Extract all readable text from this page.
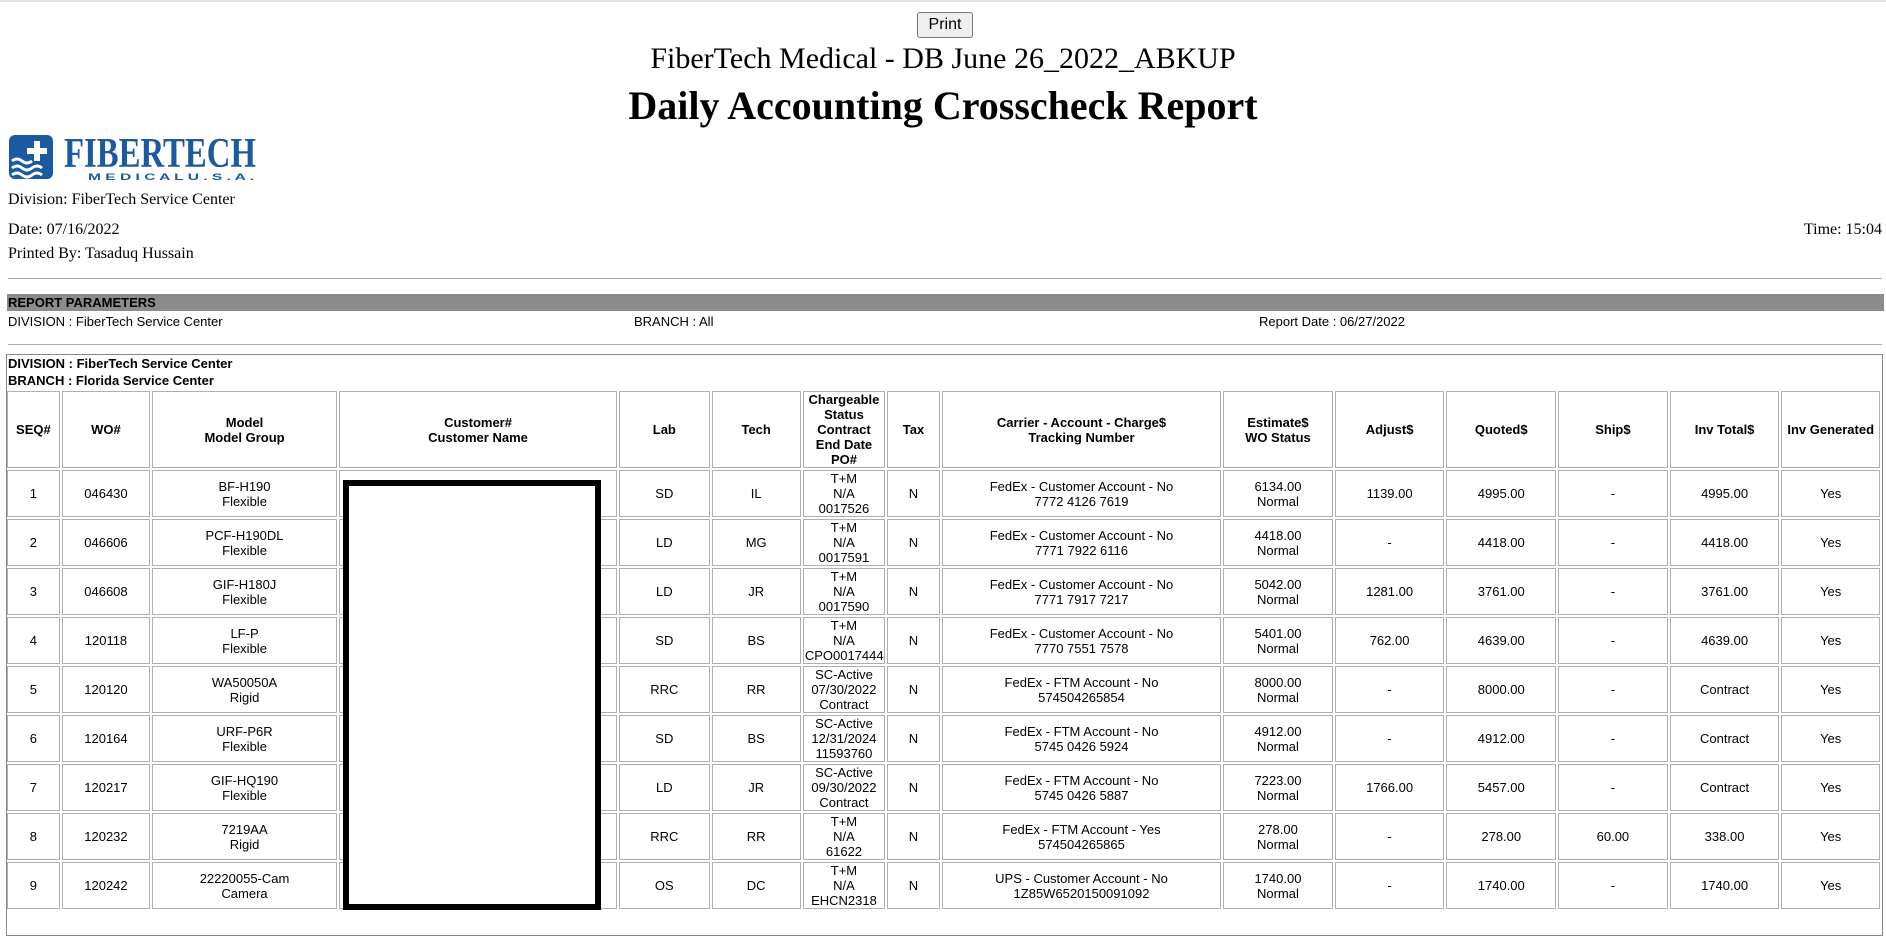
Print
FiberTech Medical - DB June 26_2022_ABKUP
Daily Accounting Crosscheck Report
FIBERTECH
M E D I C A L U . S . A .
Division: FiberTech Service Center
Date: 07/16/2022	Time: 15:04
Printed By: Tasaduq Hussain
REPORT PARAMETERS
DIVISION : FiberTech Service Center	BRANCH : All	Report Date : 06/27/2022
DIVISION : FiberTech Service Center
BRANCH : Florida Service Center
SEQ#	WO#	Model
Model Group	Customer#
Customer Name	Lab	Tech	Chargeable
Status
Contract
End Date
PO#	Tax	Carrier - Account - Charge$
Tracking Number	Estimate$
WO Status	Adjust$	Quoted$	Ship$	Inv Total$	Inv Generated
1	046430	BF-H190
Flexible		SD	IL	T+M
N/A
0017526	N	FedEx - Customer Account - No
7772 4126 7619	6134.00
Normal	1139.00	4995.00	-	4995.00	Yes
2	046606	PCF-H190DL
Flexible		LD	MG	T+M
N/A
0017591	N	FedEx - Customer Account - No
7771 7922 6116	4418.00
Normal	-	4418.00	-	4418.00	Yes
3	046608	GIF-H180J
Flexible		LD	JR	T+M
N/A
0017590	N	FedEx - Customer Account - No
7771 7917 7217	5042.00
Normal	1281.00	3761.00	-	3761.00	Yes
4	120118	LF-P
Flexible		SD	BS	T+M
N/A
CPO0017444	N	FedEx - Customer Account - No
7770 7551 7578	5401.00
Normal	762.00	4639.00	-	4639.00	Yes
5	120120	WA50050A
Rigid		RRC	RR	SC-Active
07/30/2022
Contract	N	FedEx - FTM Account - No
574504265854	8000.00
Normal	-	8000.00	-	Contract	Yes
6	120164	URF-P6R
Flexible		SD	BS	SC-Active
12/31/2024
11593760	N	FedEx - FTM Account - No
5745 0426 5924	4912.00
Normal	-	4912.00	-	Contract	Yes
7	120217	GIF-HQ190
Flexible		LD	JR	SC-Active
09/30/2022
Contract	N	FedEx - FTM Account - No
5745 0426 5887	7223.00
Normal	1766.00	5457.00	-	Contract	Yes
8	120232	7219AA
Rigid		RRC	RR	T+M
N/A
61622	N	FedEx - FTM Account - Yes
574504265865	278.00
Normal	-	278.00	60.00	338.00	Yes
9	120242	22220055-Cam
Camera		OS	DC	T+M
N/A
EHCN2318	N	UPS - Customer Account - No
1Z85W6520150091092	1740.00
Normal	-	1740.00	-	1740.00	Yes
